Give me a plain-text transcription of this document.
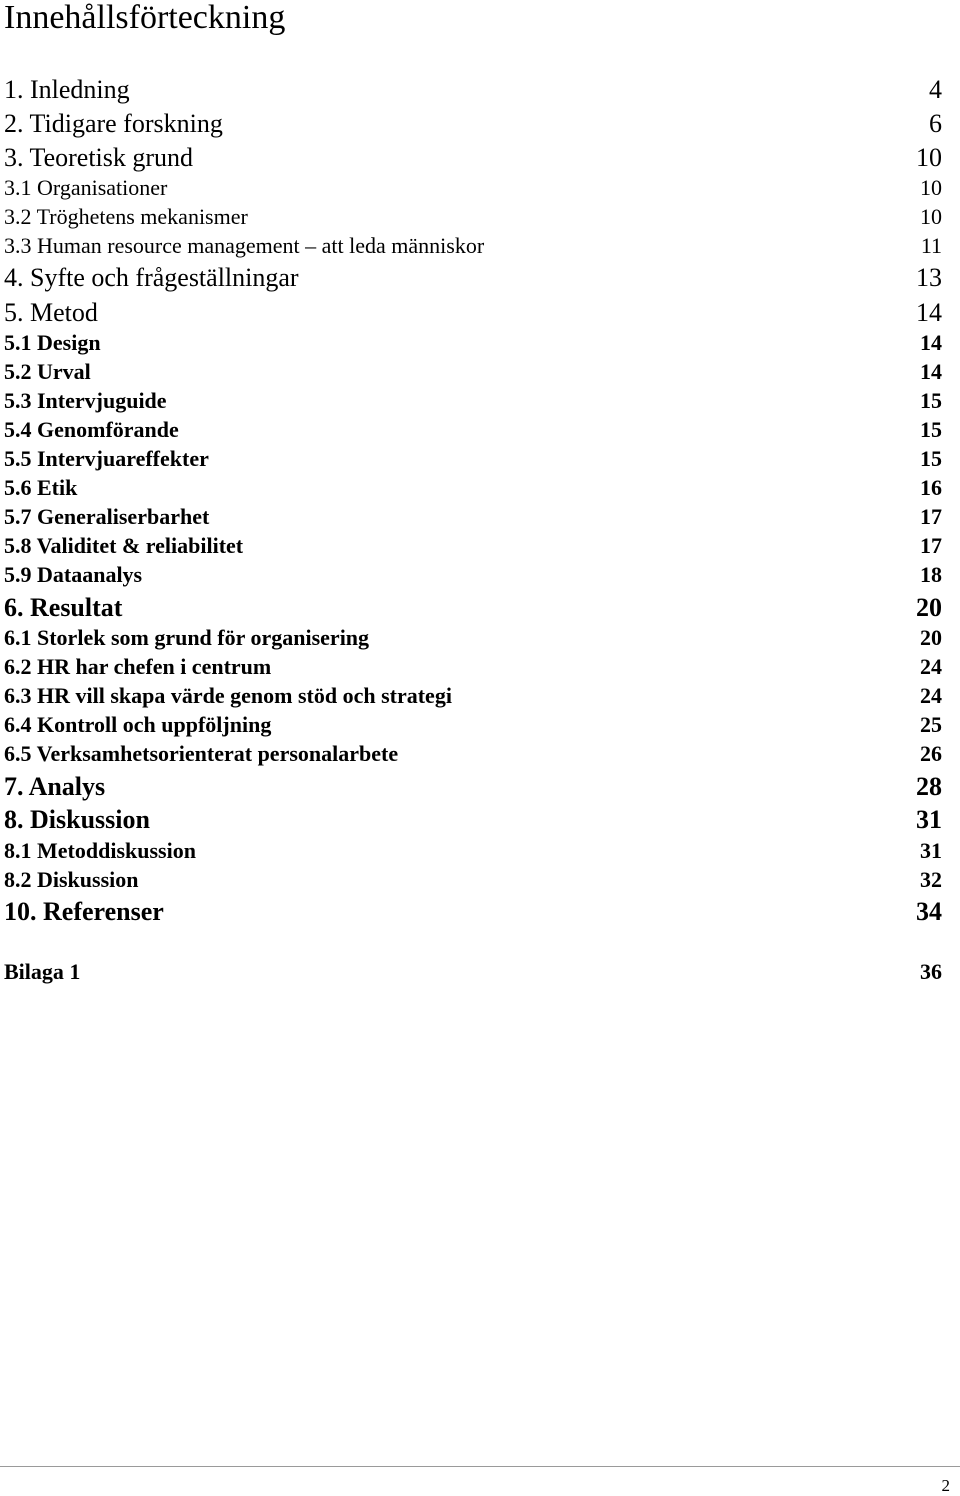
Innehållsförteckning
1. Inledning	4
2. Tidigare forskning	6
3. Teoretisk grund	10
3.1 Organisationer	10
3.2 Tröghetens mekanismer	10
3.3 Human resource management – att leda människor	11
4. Syfte och frågeställningar	13
5. Metod	14
5.1 Design	14
5.2 Urval	14
5.3 Intervjuguide	15
5.4 Genomförande	15
5.5 Intervjuareffekter	15
5.6 Etik	16
5.7 Generaliserbarhet	17
5.8 Validitet & reliabilitet	17
5.9 Dataanalys	18
6. Resultat	20
6.1 Storlek som grund för organisering	20
6.2 HR har chefen i centrum	24
6.3 HR vill skapa värde genom stöd och strategi	24
6.4 Kontroll och uppföljning	25
6.5 Verksamhetsorienterat personalarbete	26
7. Analys	28
8. Diskussion	31
8.1 Metoddiskussion	31
8.2 Diskussion	32
10. Referenser	34
Bilaga 1	36
2
